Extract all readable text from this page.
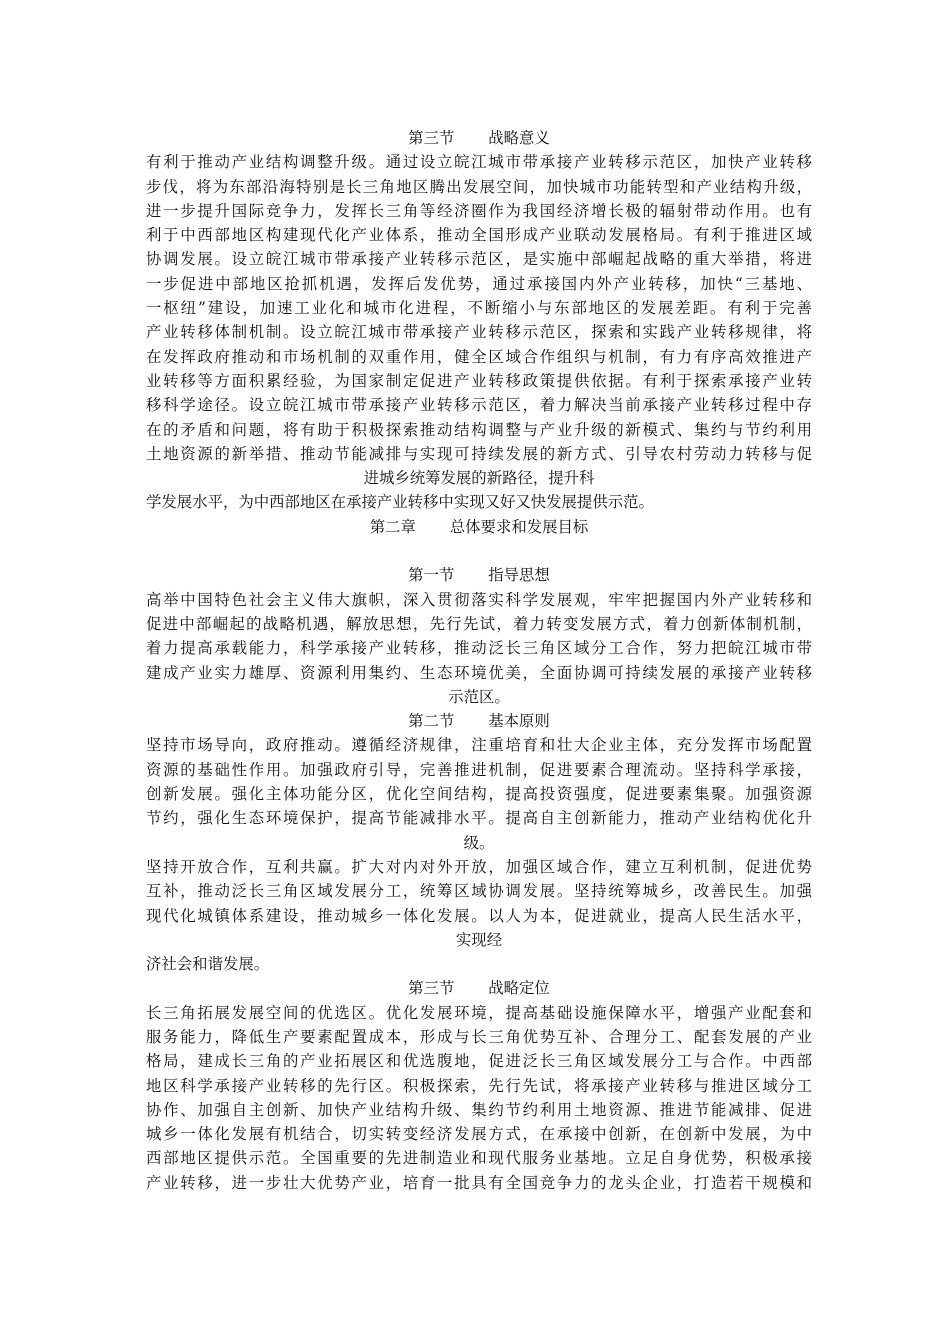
第三节 战略意义
有利于推动产业结构调整升级。通过设立皖江城市带承接产业转移示范区，加快产业转移
步伐，将为东部沿海特别是长三角地区腾出发展空间，加快城市功能转型和产业结构升级，
进一步提升国际竞争力，发挥长三角等经济圈作为我国经济增长极的辐射带动作用。也有
利于中西部地区构建现代化产业体系，推动全国形成产业联动发展格局。有利于推进区域
协调发展。设立皖江城市带承接产业转移示范区，是实施中部崛起战略的重大举措，将进
一步促进中部地区抢抓机遇，发挥后发优势，通过承接国内外产业转移，加快“三基地、
一枢纽”建设，加速工业化和城市化进程，不断缩小与东部地区的发展差距。有利于完善
产业转移体制机制。设立皖江城市带承接产业转移示范区，探索和实践产业转移规律，将
在发挥政府推动和市场机制的双重作用，健全区域合作组织与机制，有力有序高效推进产
业转移等方面积累经验，为国家制定促进产业转移政策提供依据。有利于探索承接产业转
移科学途径。设立皖江城市带承接产业转移示范区，着力解决当前承接产业转移过程中存
在的矛盾和问题，将有助于积极探索推动结构调整与产业升级的新模式、集约与节约利用
土地资源的新举措、推动节能减排与实现可持续发展的新方式、引导农村劳动力转移与促
进城乡统筹发展的新路径，提升科
学发展水平，为中西部地区在承接产业转移中实现又好又快发展提供示范。
第二章 总体要求和发展目标
第一节 指导思想
高举中国特色社会主义伟大旗帜，深入贯彻落实科学发展观，牢牢把握国内外产业转移和
促进中部崛起的战略机遇，解放思想，先行先试，着力转变发展方式，着力创新体制机制，
着力提高承载能力，科学承接产业转移，推动泛长三角区域分工合作，努力把皖江城市带
建成产业实力雄厚、资源利用集约、生态环境优美，全面协调可持续发展的承接产业转移
示范区。
第二节 基本原则
坚持市场导向，政府推动。遵循经济规律，注重培育和壮大企业主体，充分发挥市场配置
资源的基础性作用。加强政府引导，完善推进机制，促进要素合理流动。坚持科学承接，
创新发展。强化主体功能分区，优化空间结构，提高投资强度，促进要素集聚。加强资源
节约，强化生态环境保护，提高节能减排水平。提高自主创新能力，推动产业结构优化升
级。
坚持开放合作，互利共赢。扩大对内对外开放，加强区域合作，建立互利机制，促进优势
互补，推动泛长三角区域发展分工，统筹区域协调发展。坚持统筹城乡，改善民生。加强
现代化城镇体系建设，推动城乡一体化发展。以人为本，促进就业，提高人民生活水平，
实现经
济社会和谐发展。
第三节 战略定位
长三角拓展发展空间的优选区。优化发展环境，提高基础设施保障水平，增强产业配套和
服务能力，降低生产要素配置成本，形成与长三角优势互补、合理分工、配套发展的产业
格局，建成长三角的产业拓展区和优选腹地，促进泛长三角区域发展分工与合作。中西部
地区科学承接产业转移的先行区。积极探索，先行先试，将承接产业转移与推进区域分工
协作、加强自主创新、加快产业结构升级、集约节约利用土地资源、推进节能减排、促进
城乡一体化发展有机结合，切实转变经济发展方式，在承接中创新，在创新中发展，为中
西部地区提供示范。全国重要的先进制造业和现代服务业基地。立足自身优势，积极承接
产业转移，进一步壮大优势产业，培育一批具有全国竞争力的龙头企业，打造若干规模和
